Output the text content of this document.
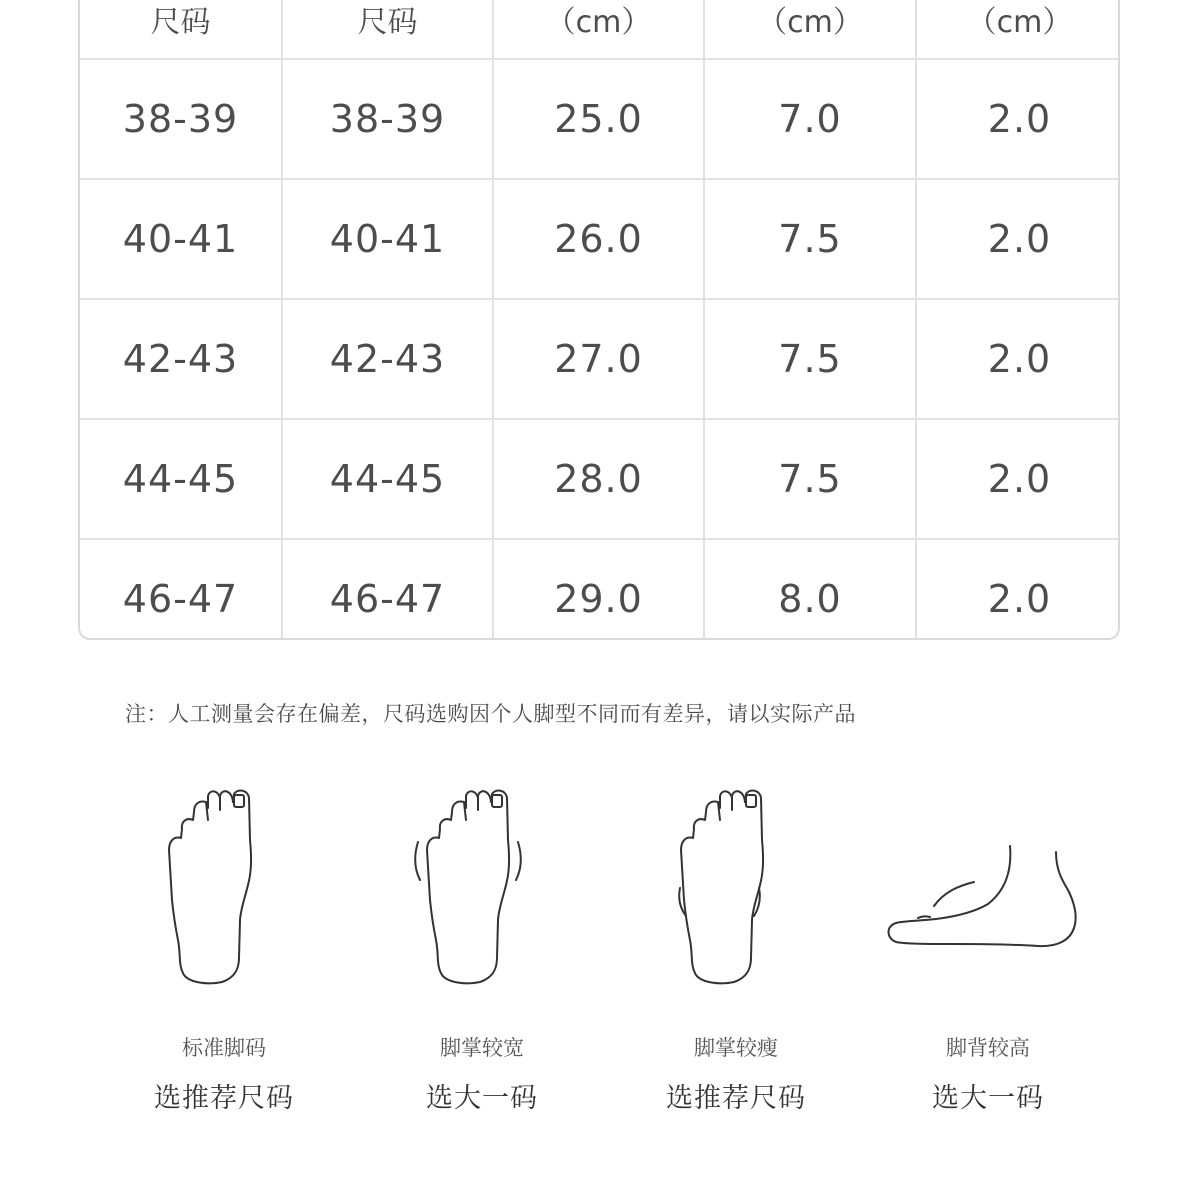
尺码	尺码	（cm）	（cm）	（cm）
38-39	38-39	25.0	7.0	2.0
40-41	40-41	26.0	7.5	2.0
42-43	42-43	27.0	7.5	2.0
44-45	44-45	28.0	7.5	2.0
46-47	46-47	29.0	8.0	2.0
注：人工测量会存在偏差，尺码选购因个人脚型不同而有差异，请以实际产品
标准脚码
选推荐尺码
脚掌较宽
选大一码
脚掌较瘦
选推荐尺码
脚背较高
选大一码
